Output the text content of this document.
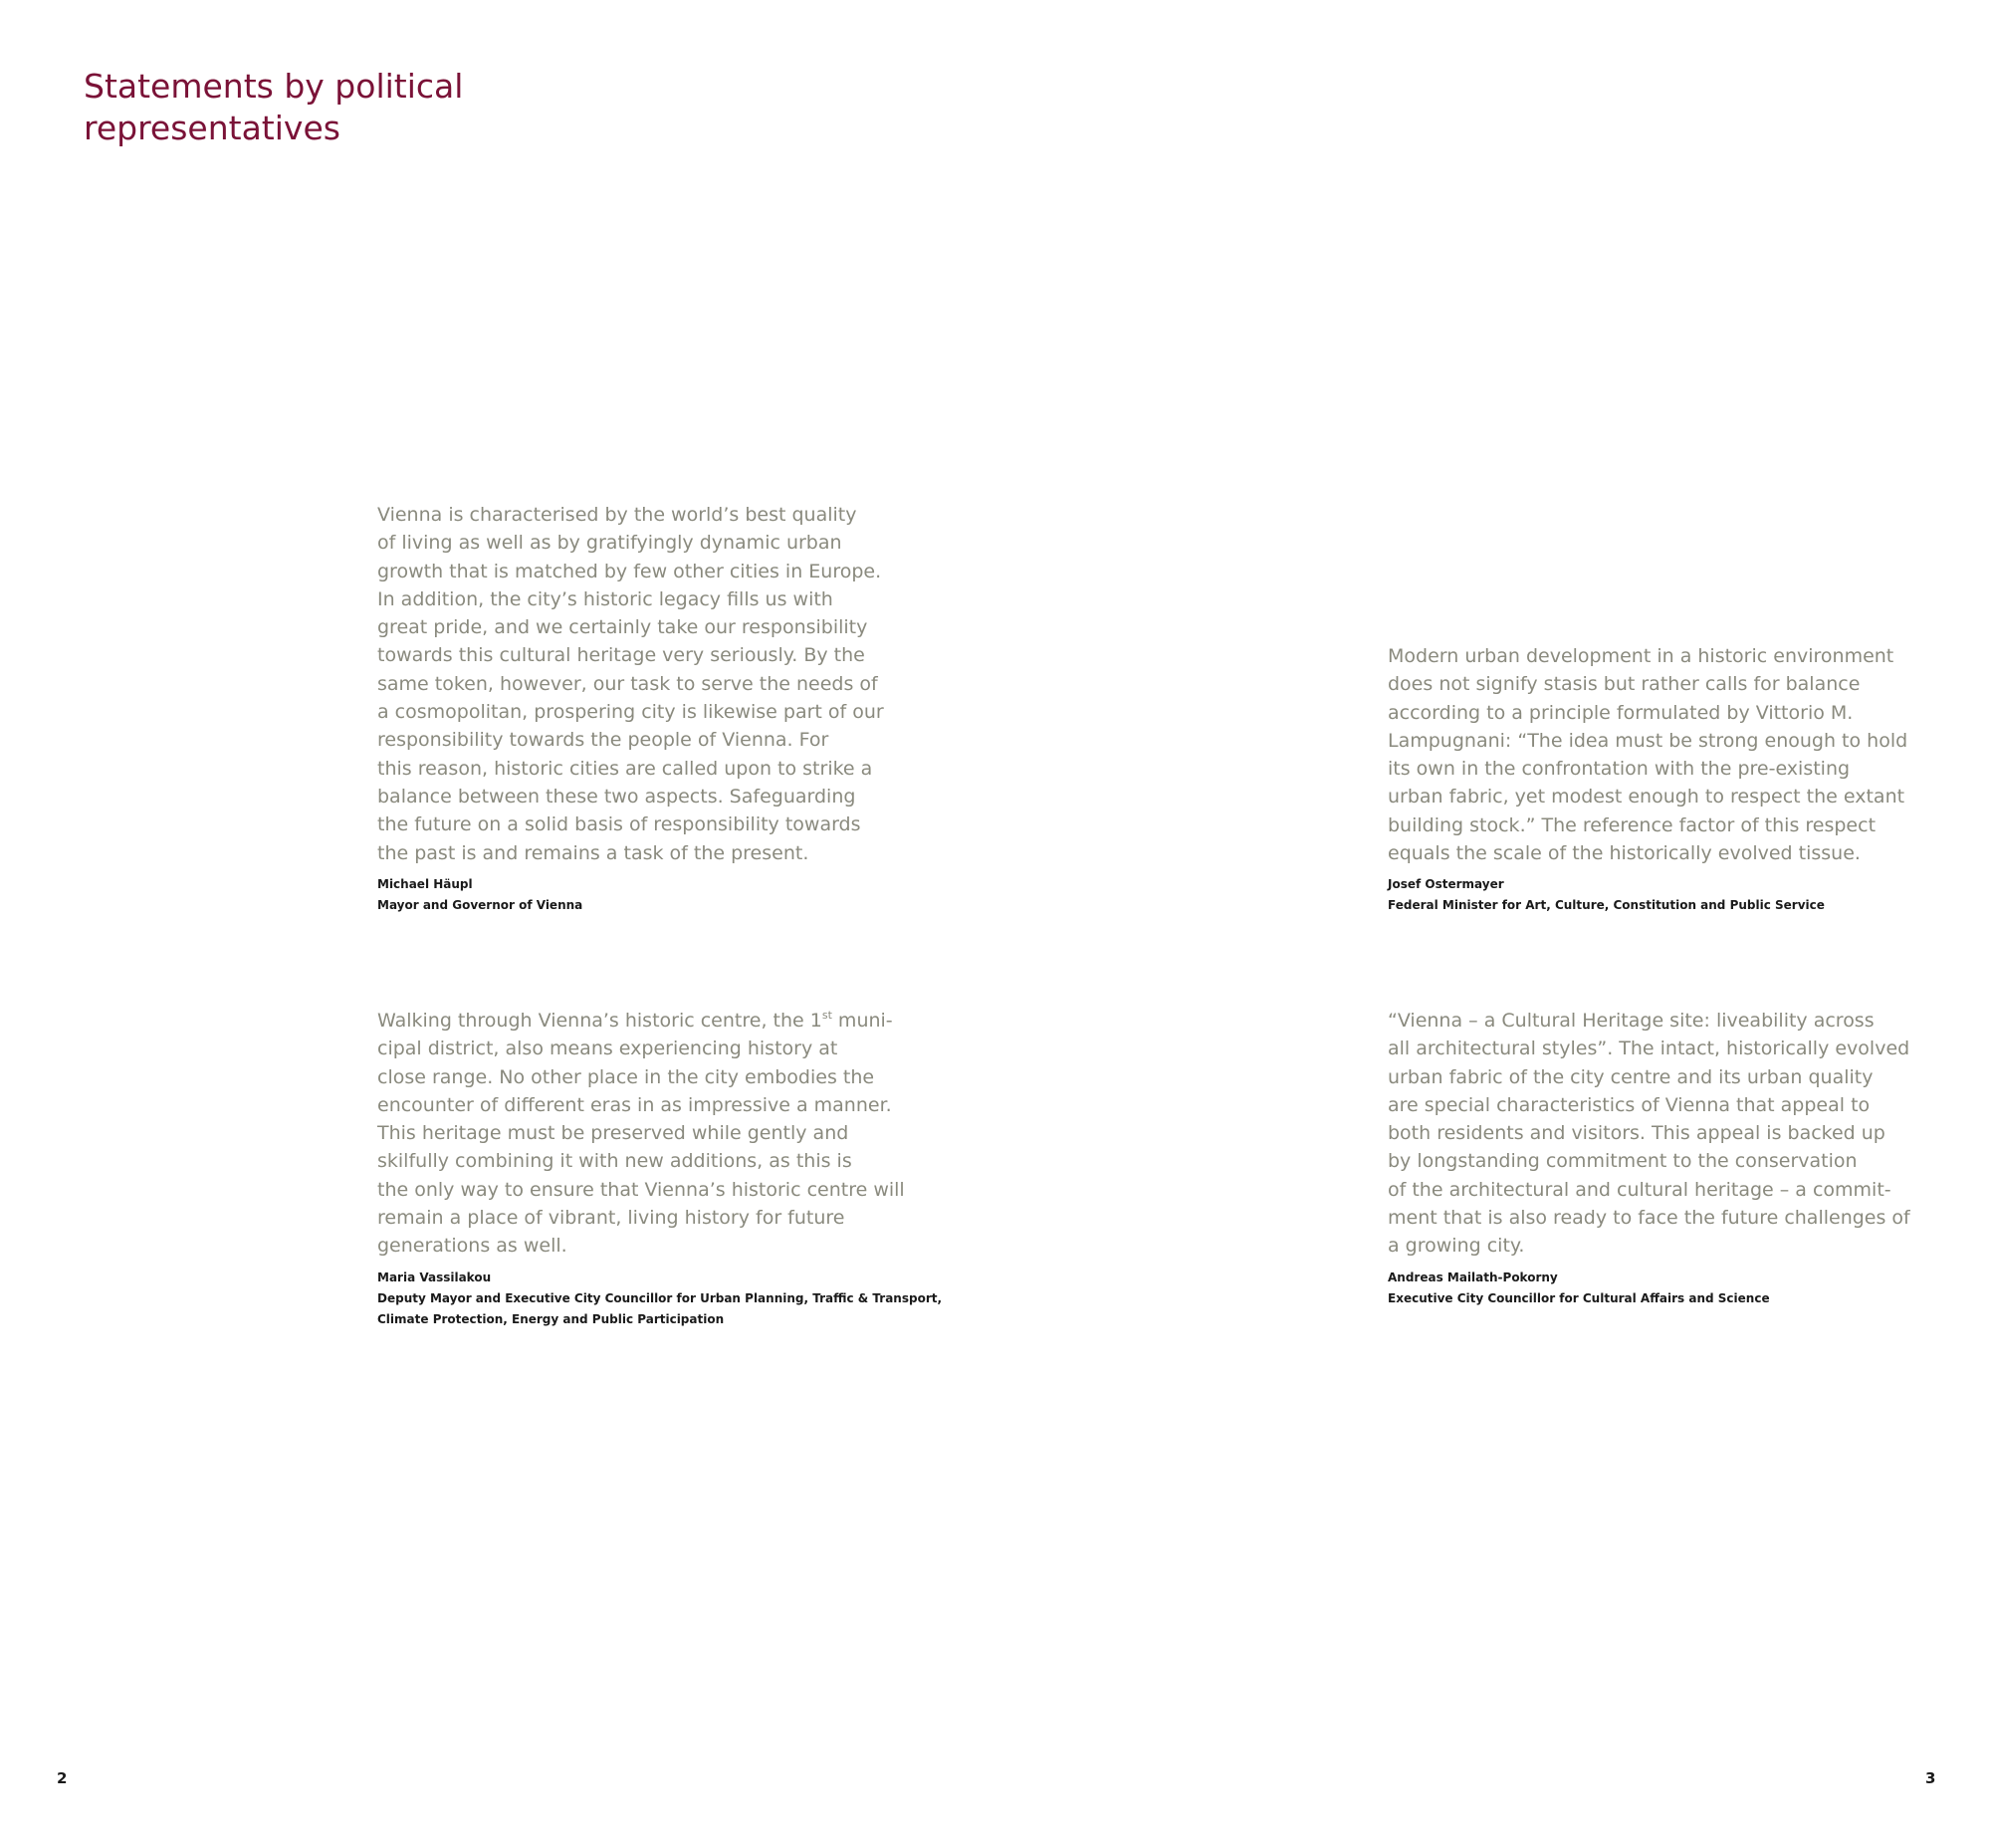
Statements by political
representatives

Vienna is characterised by the world’s best quality
of living as well as by gratifyingly dynamic urban
growth that is matched by few other cities in Europe.
In addition, the city’s historic legacy fills us with
great pride, and we certainly take our responsibility
towards this cultural heritage very seriously. By the
same token, however, our task to serve the needs of
a cosmopolitan, prospering city is likewise part of our
responsibility towards the people of Vienna. For
this reason, historic cities are called upon to strike a
balance between these two aspects. Safeguarding
the future on a solid basis of responsibility towards
the past is and remains a task of the present.

Michael Häupl

Mayor and Governor of Vienna

Modern urban development in a historic environment
does not signify stasis but rather calls for balance
according to a principle formulated by Vittorio M.
Lampugnani: “The idea must be strong enough to hold
its own in the confrontation with the pre-existing
urban fabric, yet modest enough to respect the extant
building stock.” The reference factor of this respect
equals the scale of the historically evolved tissue.

Josef Ostermayer

Federal Minister for Art, Culture, Constitution and Public Service

Walking through Vienna’s historic centre, the 1st muni-
cipal district, also means experiencing history at
close range. No other place in the city embodies the
encounter of different eras in as impressive a manner.
This heritage must be preserved while gently and
skilfully combining it with new additions, as this is
the only way to ensure that Vienna’s historic centre will
remain a place of vibrant, living history for future
generations as well.

Maria Vassilakou

Deputy Mayor and Executive City Councillor for Urban Planning, Traffic & Transport,
Climate Protection, Energy and Public Participation

“Vienna – a Cultural Heritage site: liveability across
all architectural styles”. The intact, historically evolved
urban fabric of the city centre and its urban quality
are special characteristics of Vienna that appeal to
both residents and visitors. This appeal is backed up
by longstanding commitment to the conservation
of the architectural and cultural heritage – a commit-
ment that is also ready to face the future challenges of
a growing city.

Andreas Mailath-Pokorny

Executive City Councillor for Cultural Affairs and Science

2	3
